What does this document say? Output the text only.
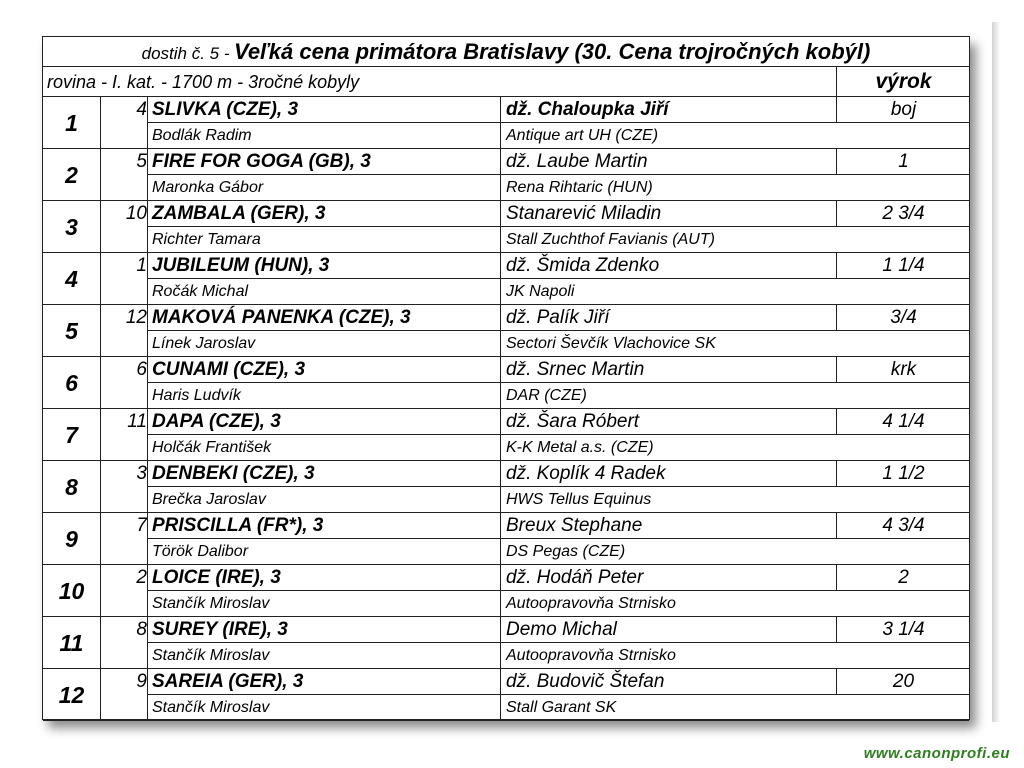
dostih č. 5 - Veľká cena primátora Bratislavy (30. Cena trojročných kobýl)
rovina - I. kat. - 1700 m - 3ročné kobyly	výrok
1
4 SLIVKA (CZE), 3
Bodlák Radim
dž. Chaloupka Jiří
Antique art UH (CZE)
boj
2
5 FIRE FOR GOGA (GB), 3
Maronka Gábor
dž. Laube Martin
Rena Rihtaric (HUN)
1
3
10 ZAMBALA (GER), 3
Richter Tamara
Stanarević Miladin
Stall Zuchthof Favianis (AUT)
2 3/4
4
1 JUBILEUM (HUN), 3
Ročák Michal
dž. Šmida Zdenko
JK Napoli
1 1/4
5
12 MAKOVÁ PANENKA (CZE), 3
Línek Jaroslav
dž. Palík Jiří
Sectori Ševčík Vlachovice SK
3/4
6
6 CUNAMI (CZE), 3
Haris Ludvík
dž. Srnec Martin
DAR (CZE)
krk
7
11 DAPA (CZE), 3
Holčák František
dž. Šara Róbert
K-K Metal a.s. (CZE)
4 1/4
8
3 DENBEKI (CZE), 3
Brečka Jaroslav
dž. Koplík 4 Radek
HWS Tellus Equinus
1 1/2
9
7 PRISCILLA (FR*), 3
Török Dalibor
Breux Stephane
DS Pegas (CZE)
4 3/4
10
2 LOICE (IRE), 3
Stančík Miroslav
dž. Hodáň Peter
Autoopravovňa Strnisko
2
11
8 SUREY (IRE), 3
Stančík Miroslav
Demo Michal
Autoopravovňa Strnisko
3 1/4
12
9 SAREIA (GER), 3
Stančík Miroslav
dž. Budovič Štefan
Stall Garant SK
20
www.canonprofi.eu
